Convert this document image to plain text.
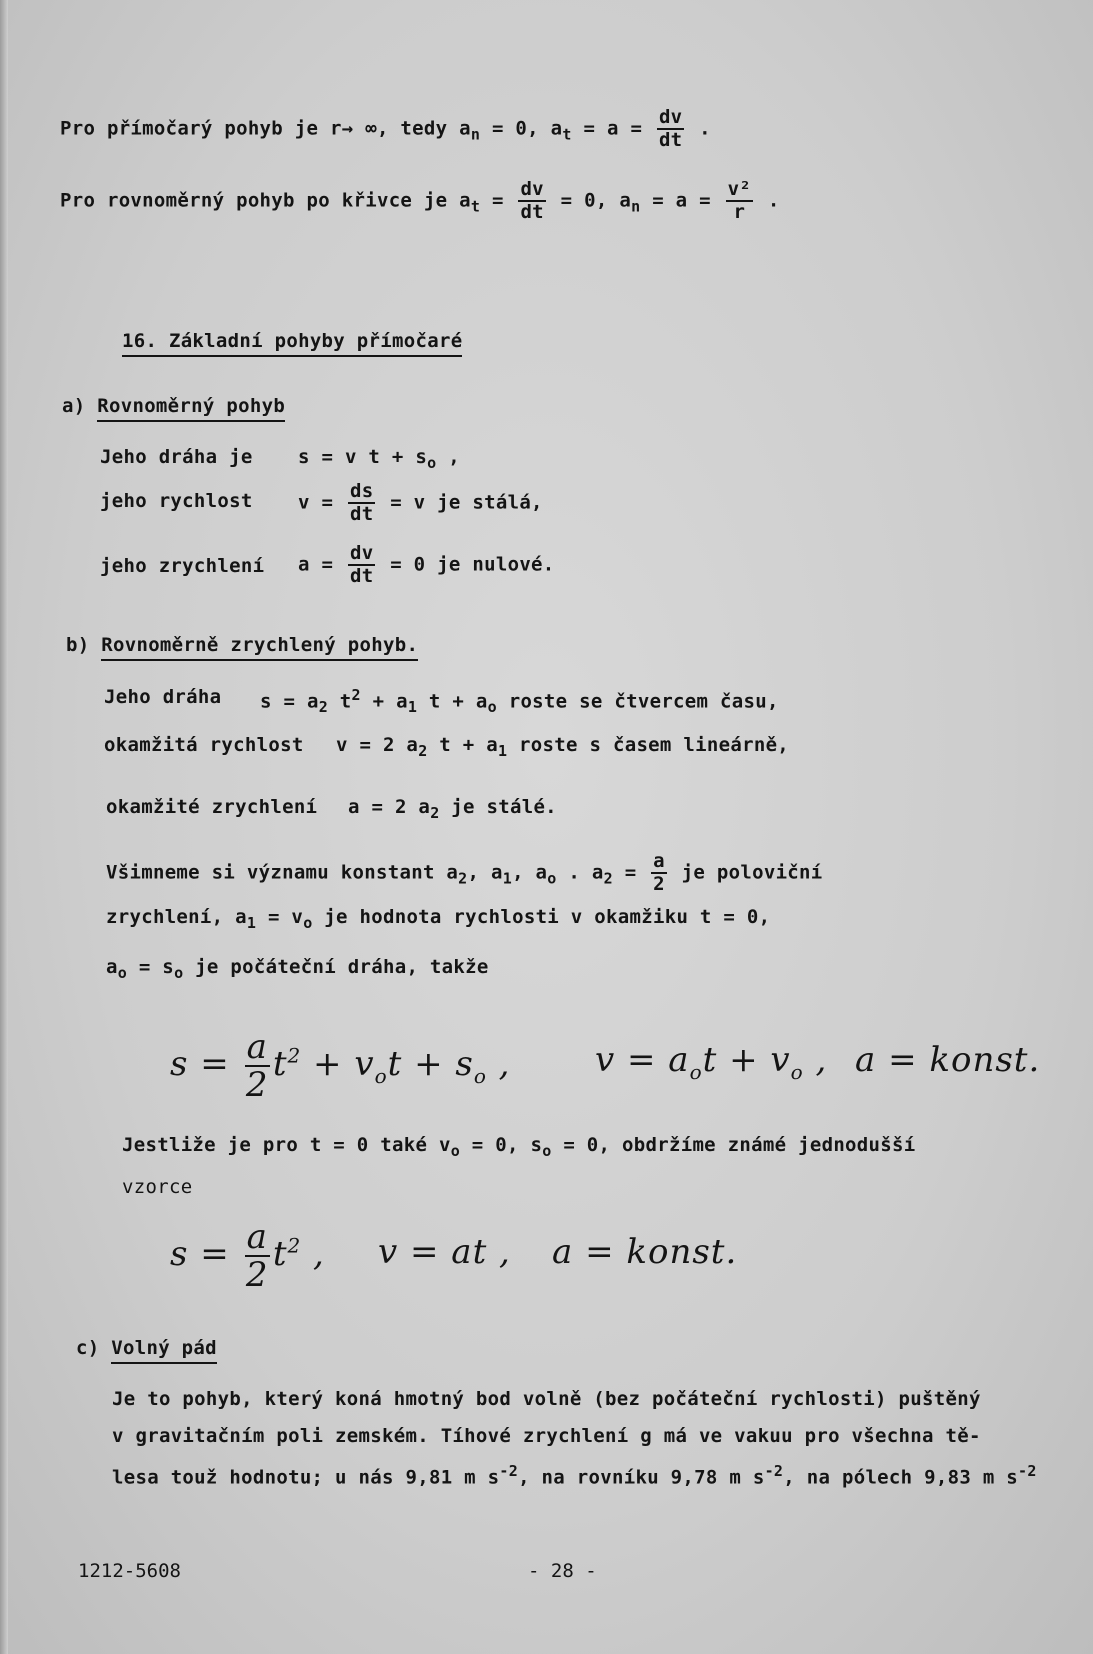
Pro přímočarý pohyb je r→ ∞, tedy $a_n = 0$, $a_t = a = \frac{dv}{dt}$ .
Pro rovnoměrný pohyb po křivce je $a_t = \frac{dv}{dt} = 0$, $a_n = a = \frac{\text{v²}}{r}$ .
16. Základní pohyby přímočaré
a) Rovnoměrný pohyb
Jeho dráha je s = v $t + s_o$ ,
jeho rychlost $v = \frac{ds}{dt} = v$ je stálá,
jeho zrychlení $a = \frac{dv}{dt} = 0$ je nulové.
b) Rovnoměrně zrychlený pohyb.
Jeho dráha $s = a_2$ $t^2 + a_1$ $t + a_o$ roste se čtvercem času,
okamžitá rychlost v = 2 $a_2$ $t + a_1$ roste s časem lineárně,
okamžité zrychlení a = 2 $a_2$ je stálé.
Všimneme si významu konstant $a_2$, $a_1$, $a_o$ . $a_2 = \frac{a}{2}$ je poloviční
zrychlení, $a_1 = v_o$ je hodnota rychlosti v okamžiku t = 0,
$a_o = s_o$ je počáteční dráha, takže
$s = \frac{a}{2} t^2 + v_ot + s_o$ , $v = a_ot + v_o$ , a = konst.
Jestliže je pro t = 0 také $v_o = 0$, $s_o = 0$, obdržíme známé jednodušší
vzorce
$s = \frac{a}{2} t^2$ , v = at , a = konst.
c) Volný pád
Je to pohyb, který koná hmotný bod volně (bez počáteční rychlosti) puštěný
v gravitačním poli zemském. Tíhové zrychlení g má ve vakuu pro všechna tě-
lesa touž hodnotu; u nás 9,81 m $s^{-2}$, na rovníku 9,78 m $s^{-2}$, na pólech 9,83 m $s^{-2}$
1212-5608	- 28 -
